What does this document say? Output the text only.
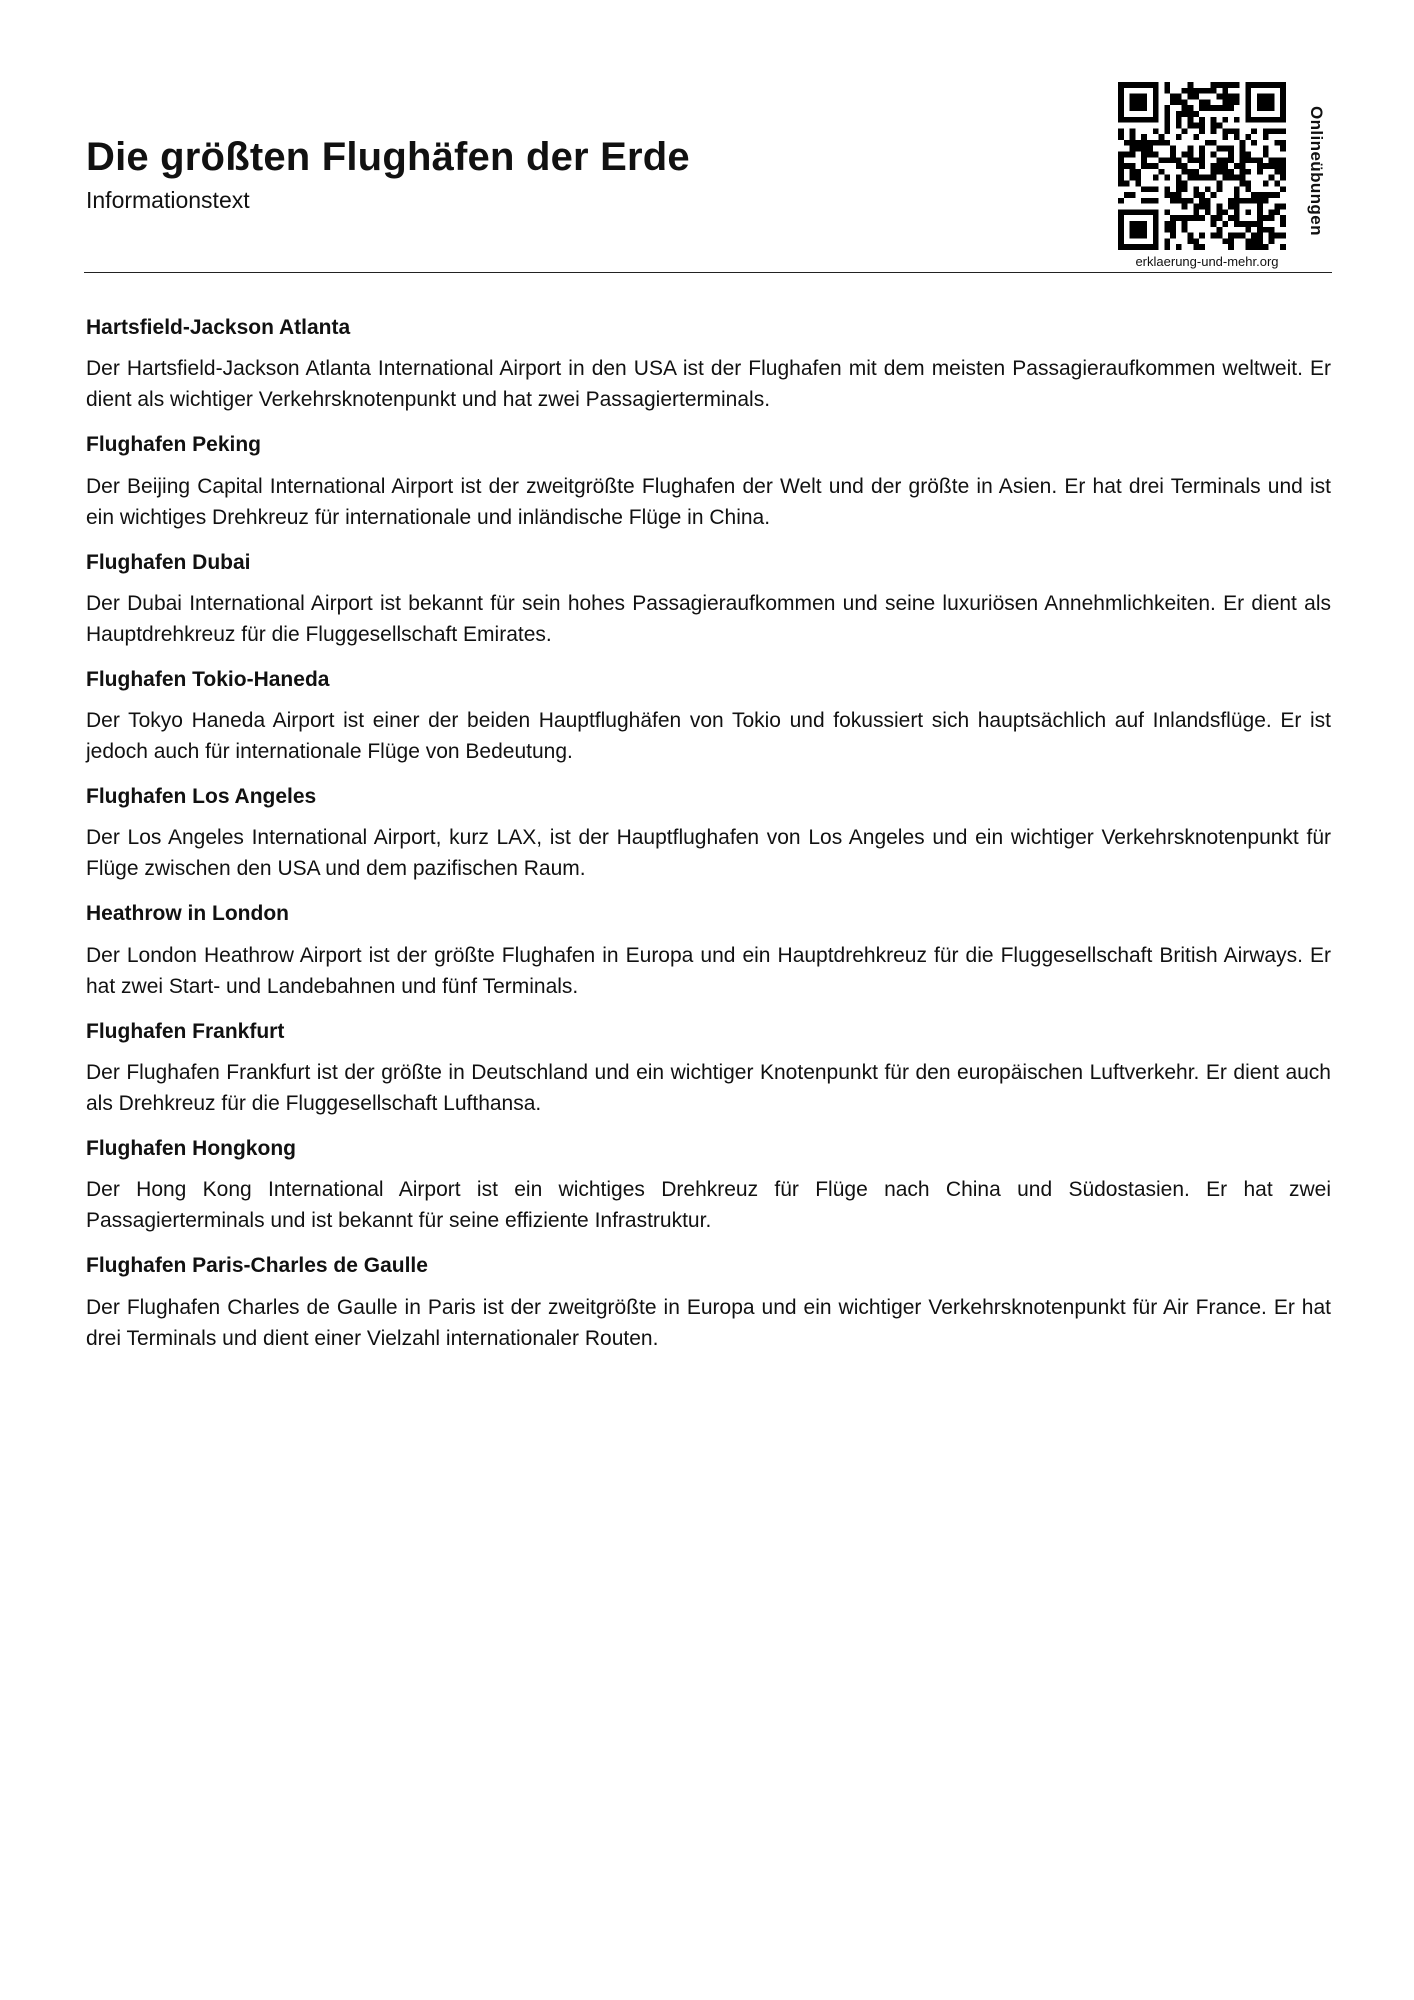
Die größten Flughäfen der Erde

Informationstext

erklaerung-und-mehr.org
Onlineübungen

Hartsfield-Jackson Atlanta

Der Hartsfield-Jackson Atlanta International Airport in den USA ist der Flughafen mit dem meisten Passagieraufkommen weltweit. Er dient als wichtiger Verkehrsknotenpunkt und hat zwei Passagierterminals.

Flughafen Peking

Der Beijing Capital International Airport ist der zweitgrößte Flughafen der Welt und der größte in Asien. Er hat drei Terminals und ist ein wichtiges Drehkreuz für internationale und inländische Flüge in China.

Flughafen Dubai

Der Dubai International Airport ist bekannt für sein hohes Passagieraufkommen und seine luxuriösen Annehmlichkeiten. Er dient als Hauptdrehkreuz für die Fluggesellschaft Emirates.

Flughafen Tokio-Haneda

Der Tokyo Haneda Airport ist einer der beiden Hauptflughäfen von Tokio und fokussiert sich hauptsächlich auf Inlandsflüge. Er ist jedoch auch für internationale Flüge von Bedeutung.

Flughafen Los Angeles

Der Los Angeles International Airport, kurz LAX, ist der Hauptflughafen von Los Angeles und ein wichtiger Verkehrsknotenpunkt für Flüge zwischen den USA und dem pazifischen Raum.

Heathrow in London

Der London Heathrow Airport ist der größte Flughafen in Europa und ein Hauptdrehkreuz für die Fluggesellschaft British Airways. Er hat zwei Start- und Landebahnen und fünf Terminals.

Flughafen Frankfurt

Der Flughafen Frankfurt ist der größte in Deutschland und ein wichtiger Knotenpunkt für den europäischen Luftverkehr. Er dient auch als Drehkreuz für die Fluggesellschaft Lufthansa.

Flughafen Hongkong

Der Hong Kong International Airport ist ein wichtiges Drehkreuz für Flüge nach China und Südostasien. Er hat zwei Passagierterminals und ist bekannt für seine effiziente Infrastruktur.

Flughafen Paris-Charles de Gaulle

Der Flughafen Charles de Gaulle in Paris ist der zweitgrößte in Europa und ein wichtiger Verkehrsknotenpunkt für Air France. Er hat drei Terminals und dient einer Vielzahl internationaler Routen.
